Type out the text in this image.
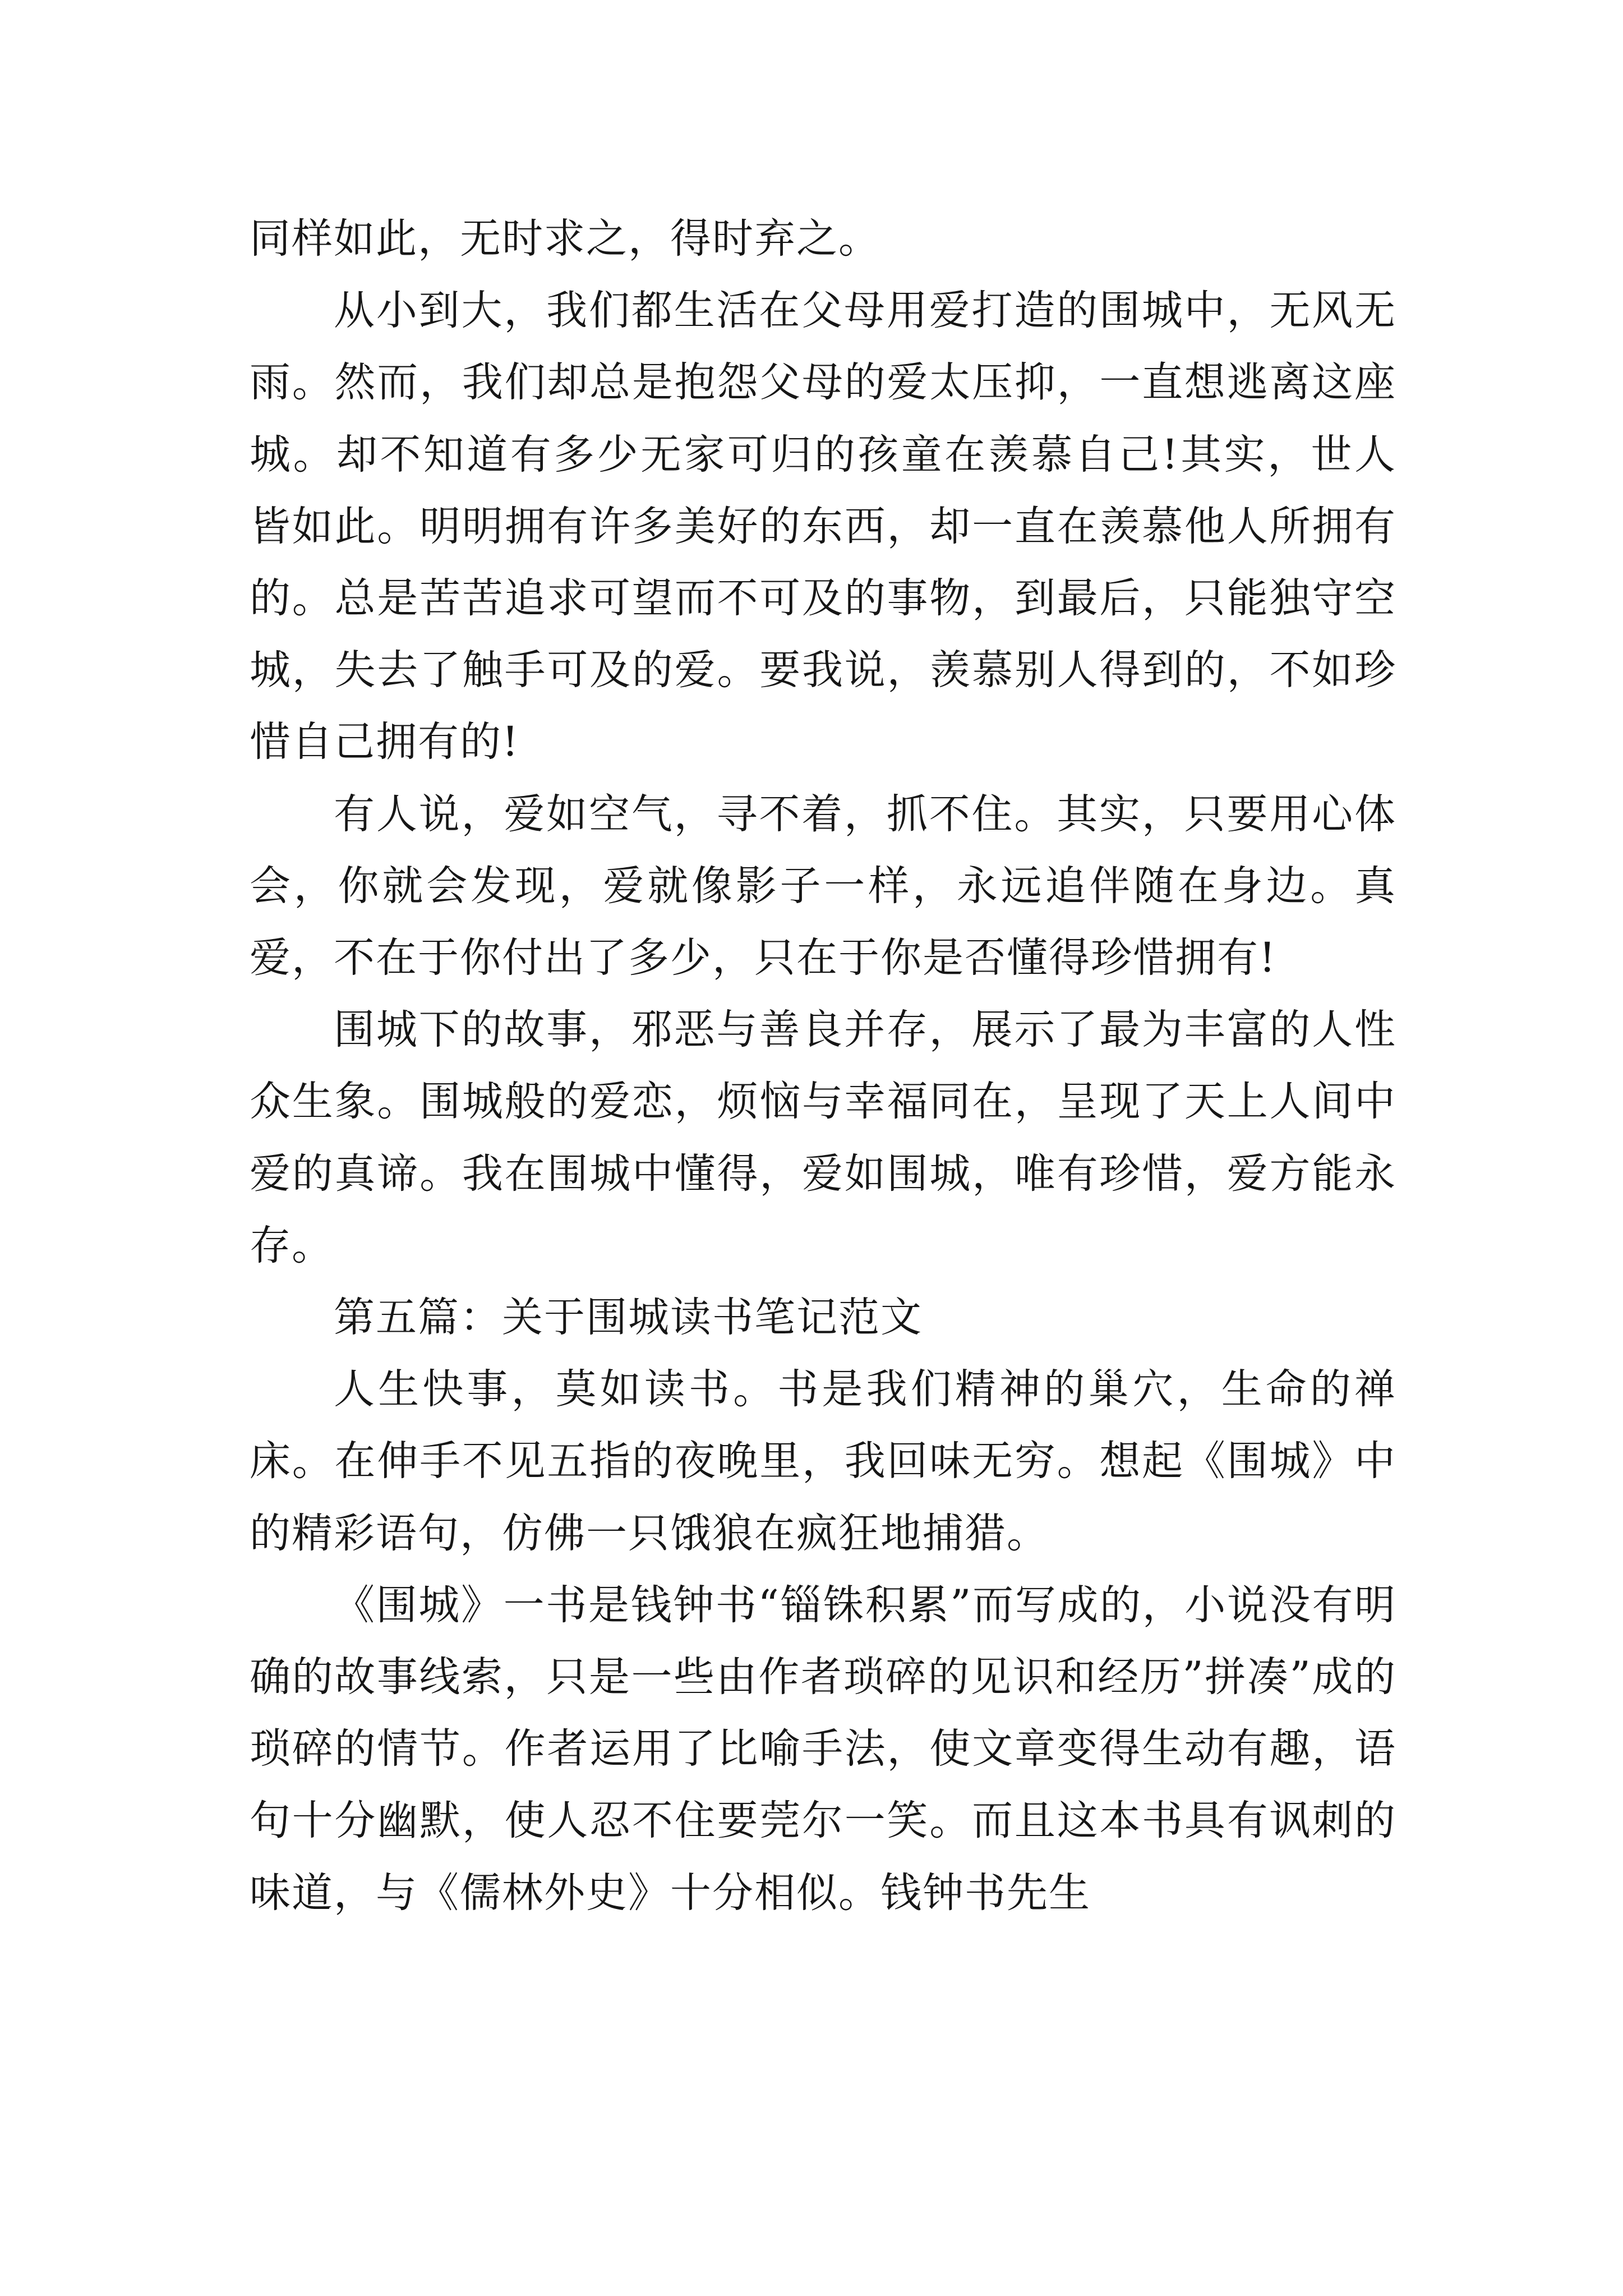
同样如此，无时求之，得时弃之。

从小到大，我们都生活在父母用爱打造的围城中，无风无雨。然而，我们却总是抱怨父母的爱太压抑，一直想逃离这座城。却不知道有多少无家可归的孩童在羡慕自己!其实，世人皆如此。明明拥有许多美好的东西，却一直在羡慕他人所拥有的。总是苦苦追求可望而不可及的事物，到最后，只能独守空城，失去了触手可及的爱。要我说，羡慕别人得到的，不如珍惜自己拥有的!

有人说，爱如空气，寻不着，抓不住。其实，只要用心体会，你就会发现，爱就像影子一样，永远追伴随在身边。真爱，不在于你付出了多少，只在于你是否懂得珍惜拥有!

围城下的故事，邪恶与善良并存，展示了最为丰富的人性众生象。围城般的爱恋，烦恼与幸福同在，呈现了天上人间中爱的真谛。我在围城中懂得，爱如围城，唯有珍惜，爱方能永存。

第五篇：关于围城读书笔记范文

人生快事，莫如读书。书是我们精神的巢穴，生命的禅床。在伸手不见五指的夜晚里，我回味无穷。想起《围城》中的精彩语句，仿佛一只饿狼在疯狂地捕猎。

《围城》一书是钱钟书“锱铢积累”而写成的，小说没有明确的故事线索，只是一些由作者琐碎的见识和经历”拼凑”成的琐碎的情节。作者运用了比喻手法，使文章变得生动有趣，语句十分幽默，使人忍不住要莞尔一笑。而且这本书具有讽刺的味道，与《儒林外史》十分相似。钱钟书先生
